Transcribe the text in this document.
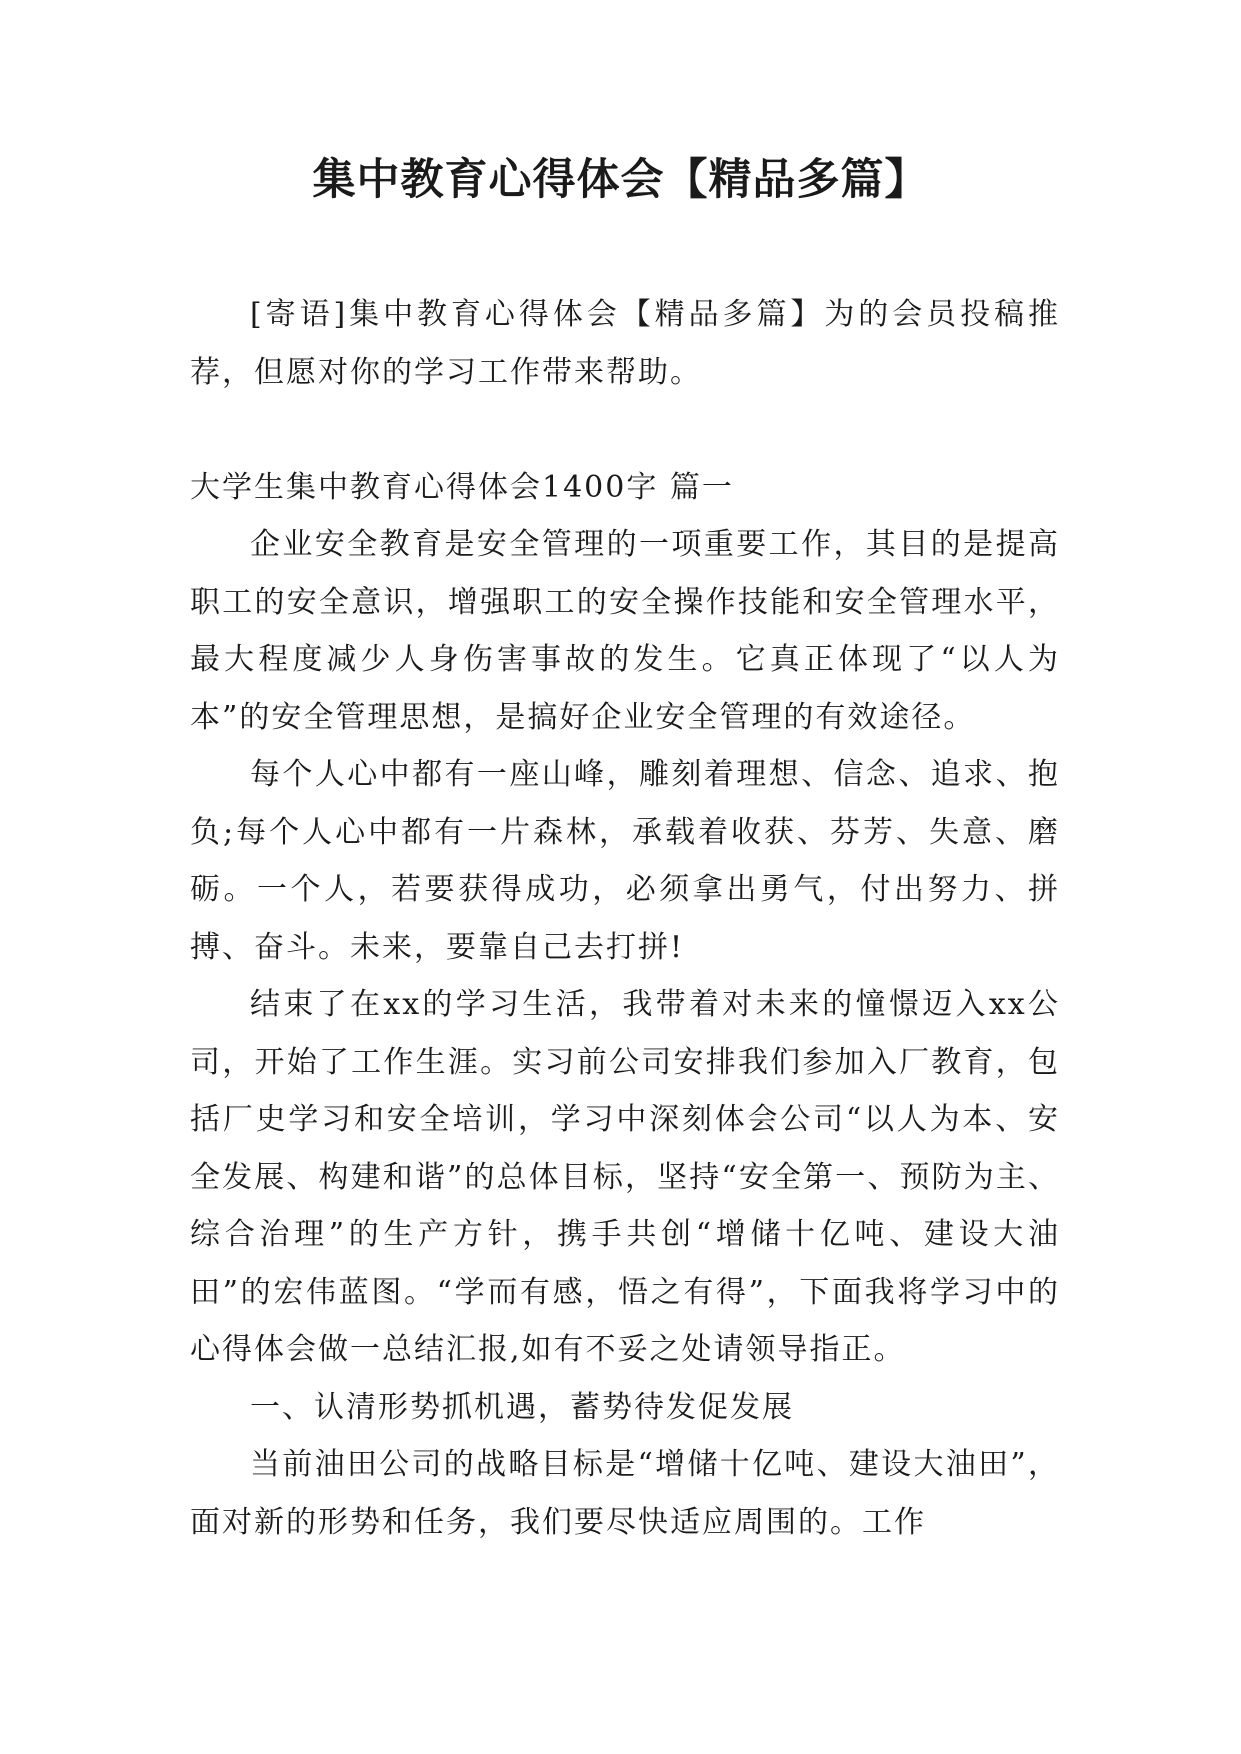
集中教育心得体会【精品多篇】

[寄语]集中教育心得体会【精品多篇】为的会员投稿推荐，但愿对你的学习工作带来帮助。

大学生集中教育心得体会1400字 篇一

企业安全教育是安全管理的一项重要工作，其目的是提高职工的安全意识，增强职工的安全操作技能和安全管理水平，最大程度减少人身伤害事故的发生。它真正体现了“以人为本”的安全管理思想，是搞好企业安全管理的有效途径。

每个人心中都有一座山峰，雕刻着理想、信念、追求、抱负;每个人心中都有一片森林，承载着收获、芬芳、失意、磨砺。一个人，若要获得成功，必须拿出勇气，付出努力、拼搏、奋斗。未来，要靠自己去打拼!

结束了在xx的学习生活，我带着对未来的憧憬迈入xx公司，开始了工作生涯。实习前公司安排我们参加入厂教育，包括厂史学习和安全培训，学习中深刻体会公司“以人为本、安全发展、构建和谐”的总体目标，坚持“安全第一、预防为主、综合治理”的生产方针，携手共创“增储十亿吨、建设大油田”的宏伟蓝图。“学而有感，悟之有得”，下面我将学习中的心得体会做一总结汇报,如有不妥之处请领导指正。

一、认清形势抓机遇，蓄势待发促发展

当前油田公司的战略目标是“增储十亿吨、建设大油田”，面对新的形势和任务，我们要尽快适应周围的。工作
